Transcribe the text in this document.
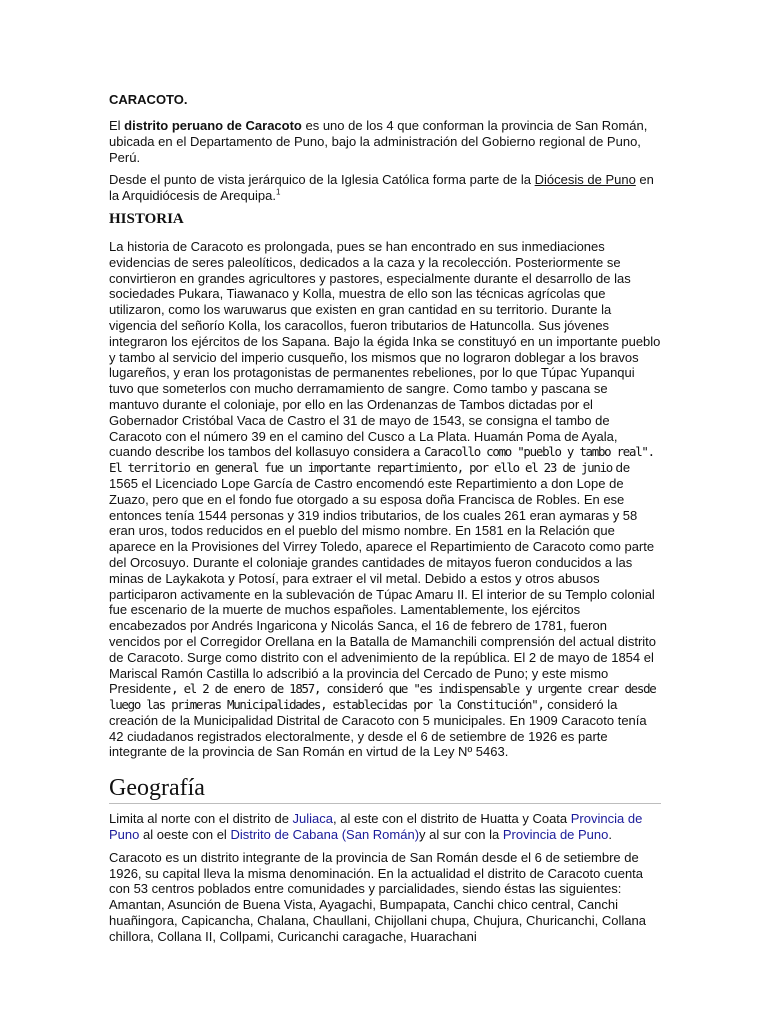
CARACOTO.

El distrito peruano de Caracoto es uno de los 4 que conforman la provincia de San Román, ubicada en el Departamento de Puno, bajo la administración del Gobierno regional de Puno, Perú.

Desde el punto de vista jerárquico de la Iglesia Católica forma parte de la Diócesis de Puno en la Arquidiócesis de Arequipa.$^1$

HISTORIA

La historia de Caracoto es prolongada, pues se han encontrado en sus inmediaciones evidencias de seres paleolíticos, dedicados a la caza y la recolección. Posteriormente se convirtieron en grandes agricultores y pastores, especialmente durante el desarrollo de las sociedades Pukara, Tiawanaco y Kolla, muestra de ello son las técnicas agrícolas que utilizaron, como los waruwarus que existen en gran cantidad en su territorio. Durante la vigencia del señorío Kolla, los caracollos, fueron tributarios de Hatuncolla. Sus jóvenes integraron los ejércitos de los Sapana. Bajo la égida Inka se constituyó en un importante pueblo y tambo al servicio del imperio cusqueño, los mismos que no lograron doblegar a los bravos lugareños, y eran los protagonistas de permanentes rebeliones, por lo que Túpac Yupanqui tuvo que someterlos con mucho derramamiento de sangre. Como tambo y pascana se mantuvo durante el coloniaje, por ello en las Ordenanzas de Tambos dictadas por el Gobernador Cristóbal Vaca de Castro el 31 de mayo de 1543, se consigna el tambo de Caracoto con el número 39 en el camino del Cusco a La Plata. Huamán Poma de Ayala, cuando describe los tambos del kollasuyo considera a Caracollo como "pueblo y tambo real". El territorio en general fue un importante repartimiento, por ello el 23 de junio de 1565 el Licenciado Lope García de Castro encomendó este Repartimiento a don Lope de Zuazo, pero que en el fondo fue otorgado a su esposa doña Francisca de Robles. En ese entonces tenía 1544 personas y 319 indios tributarios, de los cuales 261 eran aymaras y 58 eran uros, todos reducidos en el pueblo del mismo nombre. En 1581 en la Relación que aparece en la Provisiones del Virrey Toledo, aparece el Repartimiento de Caracoto como parte del Orcosuyo. Durante el coloniaje grandes cantidades de mitayos fueron conducidos a las minas de Laykakota y Potosí, para extraer el vil metal. Debido a estos y otros abusos participaron activamente en la sublevación de Túpac Amaru II. El interior de su Templo colonial fue escenario de la muerte de muchos españoles. Lamentablemente, los ejércitos encabezados por Andrés Ingaricona y Nicolás Sanca, el 16 de febrero de 1781, fueron vencidos por el Corregidor Orellana en la Batalla de Mamanchili comprensión del actual distrito de Caracoto. Surge como distrito con el advenimiento de la república. El 2 de mayo de 1854 el Mariscal Ramón Castilla lo adscribió a la provincia del Cercado de Puno; y este mismo Presidente, el 2 de enero de 1857, consideró que "es indispensable y urgente crear desde luego las primeras Municipalidades, establecidas por la Constitución", consideró la creación de la Municipalidad Distrital de Caracoto con 5 municipales. En 1909 Caracoto tenía 42 ciudadanos registrados electoralmente, y desde el 6 de setiembre de 1926 es parte integrante de la provincia de San Román en virtud de la Ley Nº 5463.

Geografía

Limita al norte con el distrito de Juliaca, al este con el distrito de Huatta y Coata Provincia de Puno al oeste con el Distrito de Cabana (San Román)y al sur con la Provincia de Puno.

Caracoto es un distrito integrante de la provincia de San Román desde el 6 de setiembre de 1926, su capital lleva la misma denominación. En la actualidad el distrito de Caracoto cuenta con 53 centros poblados entre comunidades y parcialidades, siendo éstas las siguientes: Amantan, Asunción de Buena Vista, Ayagachi, Bumpapata, Canchi chico central, Canchi huañingora, Capicancha, Chalana, Chaullani, Chijollani chupa, Chujura, Churicanchi, Collana chillora, Collana II, Collpami, Curicanchi caragache, Huarachani
